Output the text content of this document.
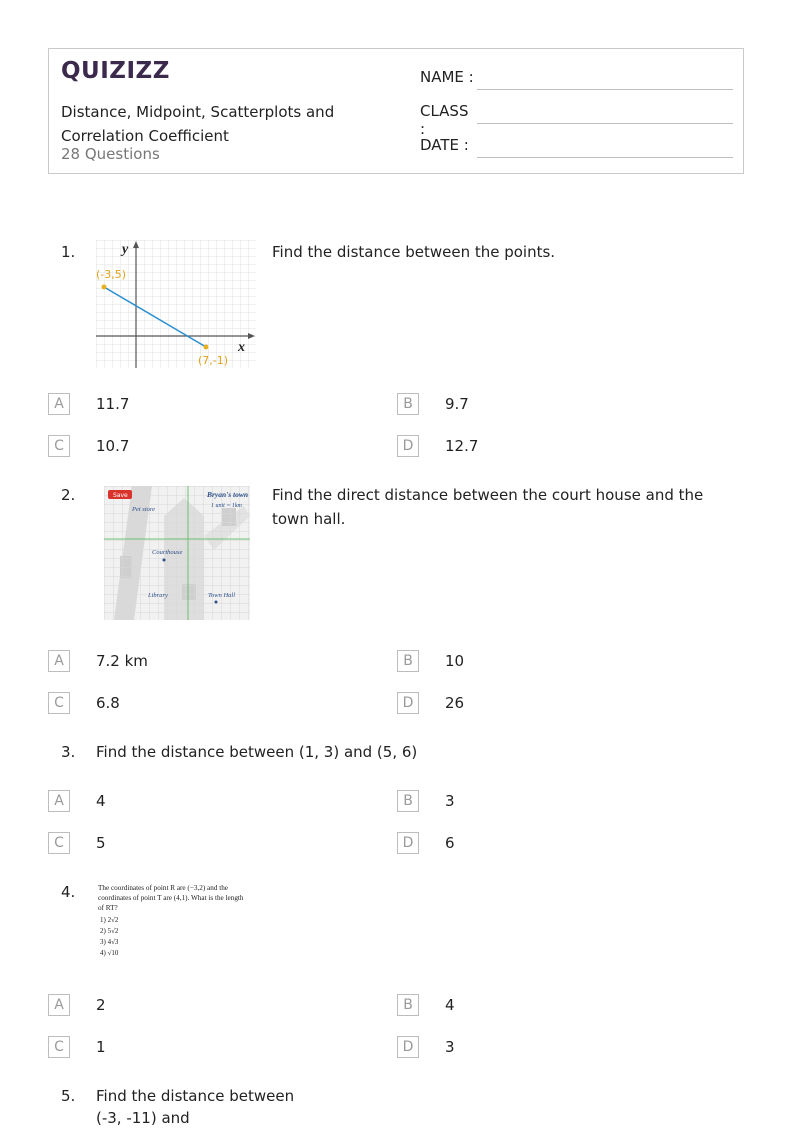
QUIZIZZ
Distance, Midpoint, Scatterplots and Correlation Coefficient
28 Questions
NAME :
CLASS :
DATE :
1.	y
x
(-3,5)
(7,-1)
Find the distance between the points.
A	11.7	B	9.7
C	10.7	D	12.7
2.	Save	Bryan's town
1 unit = 1km
Pet store
Courthouse
Library	Town Hall
Find the direct distance between the court house and the town hall.
A	7.2 km	B	10
C	6.8	D	26
3. Find the distance between (1, 3) and (5, 6)
A	4	B	3
C	5	D	6
4.	The coordinates of point R are (−3,2) and the
coordinates of point T are (4,1). What is the length
of RT?
1) 2√2
2) 5√2
3) 4√3
4) √10
A	2	B	4
C	1	D	3
5. Find the distance between
(-3, -11) and
